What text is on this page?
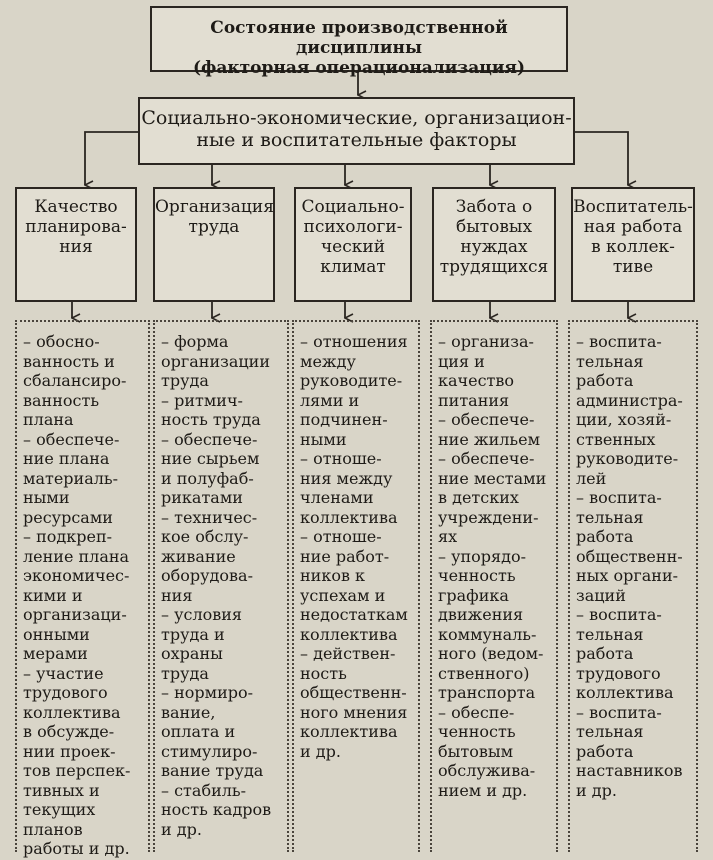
Состояние производственной дисциплины
(факторная операционализация)
Социально-экономические, организацион-
ные и воспитательные факторы
Качество
планирова-
ния
Организация
труда
Социально-
психологи-
ческий
климат
Забота о
бытовых
нуждах
трудящихся
Воспитатель-
ная работа
в коллек-
тиве
– обосно-
ванность и
сбалансиро-
ванность
плана
– обеспече-
ние плана
материаль-
ными
ресурсами
– подкреп-
ление плана
экономичес-
кими и
организаци-
онными
мерами
– участие
трудового
коллектива
в обсужде-
нии проек-
тов перспек-
тивных и
текущих
планов
работы и др.
– форма
организации
труда
– ритмич-
ность труда
– обеспече-
ние сырьем
и полуфаб-
рикатами
– техничес-
кое обслу-
живание
оборудова-
ния
– условия
труда и
охраны
труда
– нормиро-
вание,
оплата и
стимулиро-
вание труда
– стабиль-
ность кадров
и др.
– отношения
между
руководите-
лями и
подчинен-
ными
– отноше-
ния между
членами
коллектива
– отноше-
ние работ-
ников к
успехам и
недостаткам
коллектива
– действен-
ность
общественн-
ного мнения
коллектива
и др.
– организа-
ция и
качество
питания
– обеспече-
ние жильем
– обеспече-
ние местами
в детских
учреждени-
ях
– упорядо-
ченность
графика
движения
коммуналь-
ного (ведом-
ственного)
транспорта
– обеспе-
ченность
бытовым
обслужива-
нием и др.
– воспита-
тельная
работа
администра-
ции, хозяй-
ственных
руководите-
лей
– воспита-
тельная
работа
общественн-
ных органи-
заций
– воспита-
тельная
работа
трудового
коллектива
– воспита-
тельная
работа
наставников
и др.
